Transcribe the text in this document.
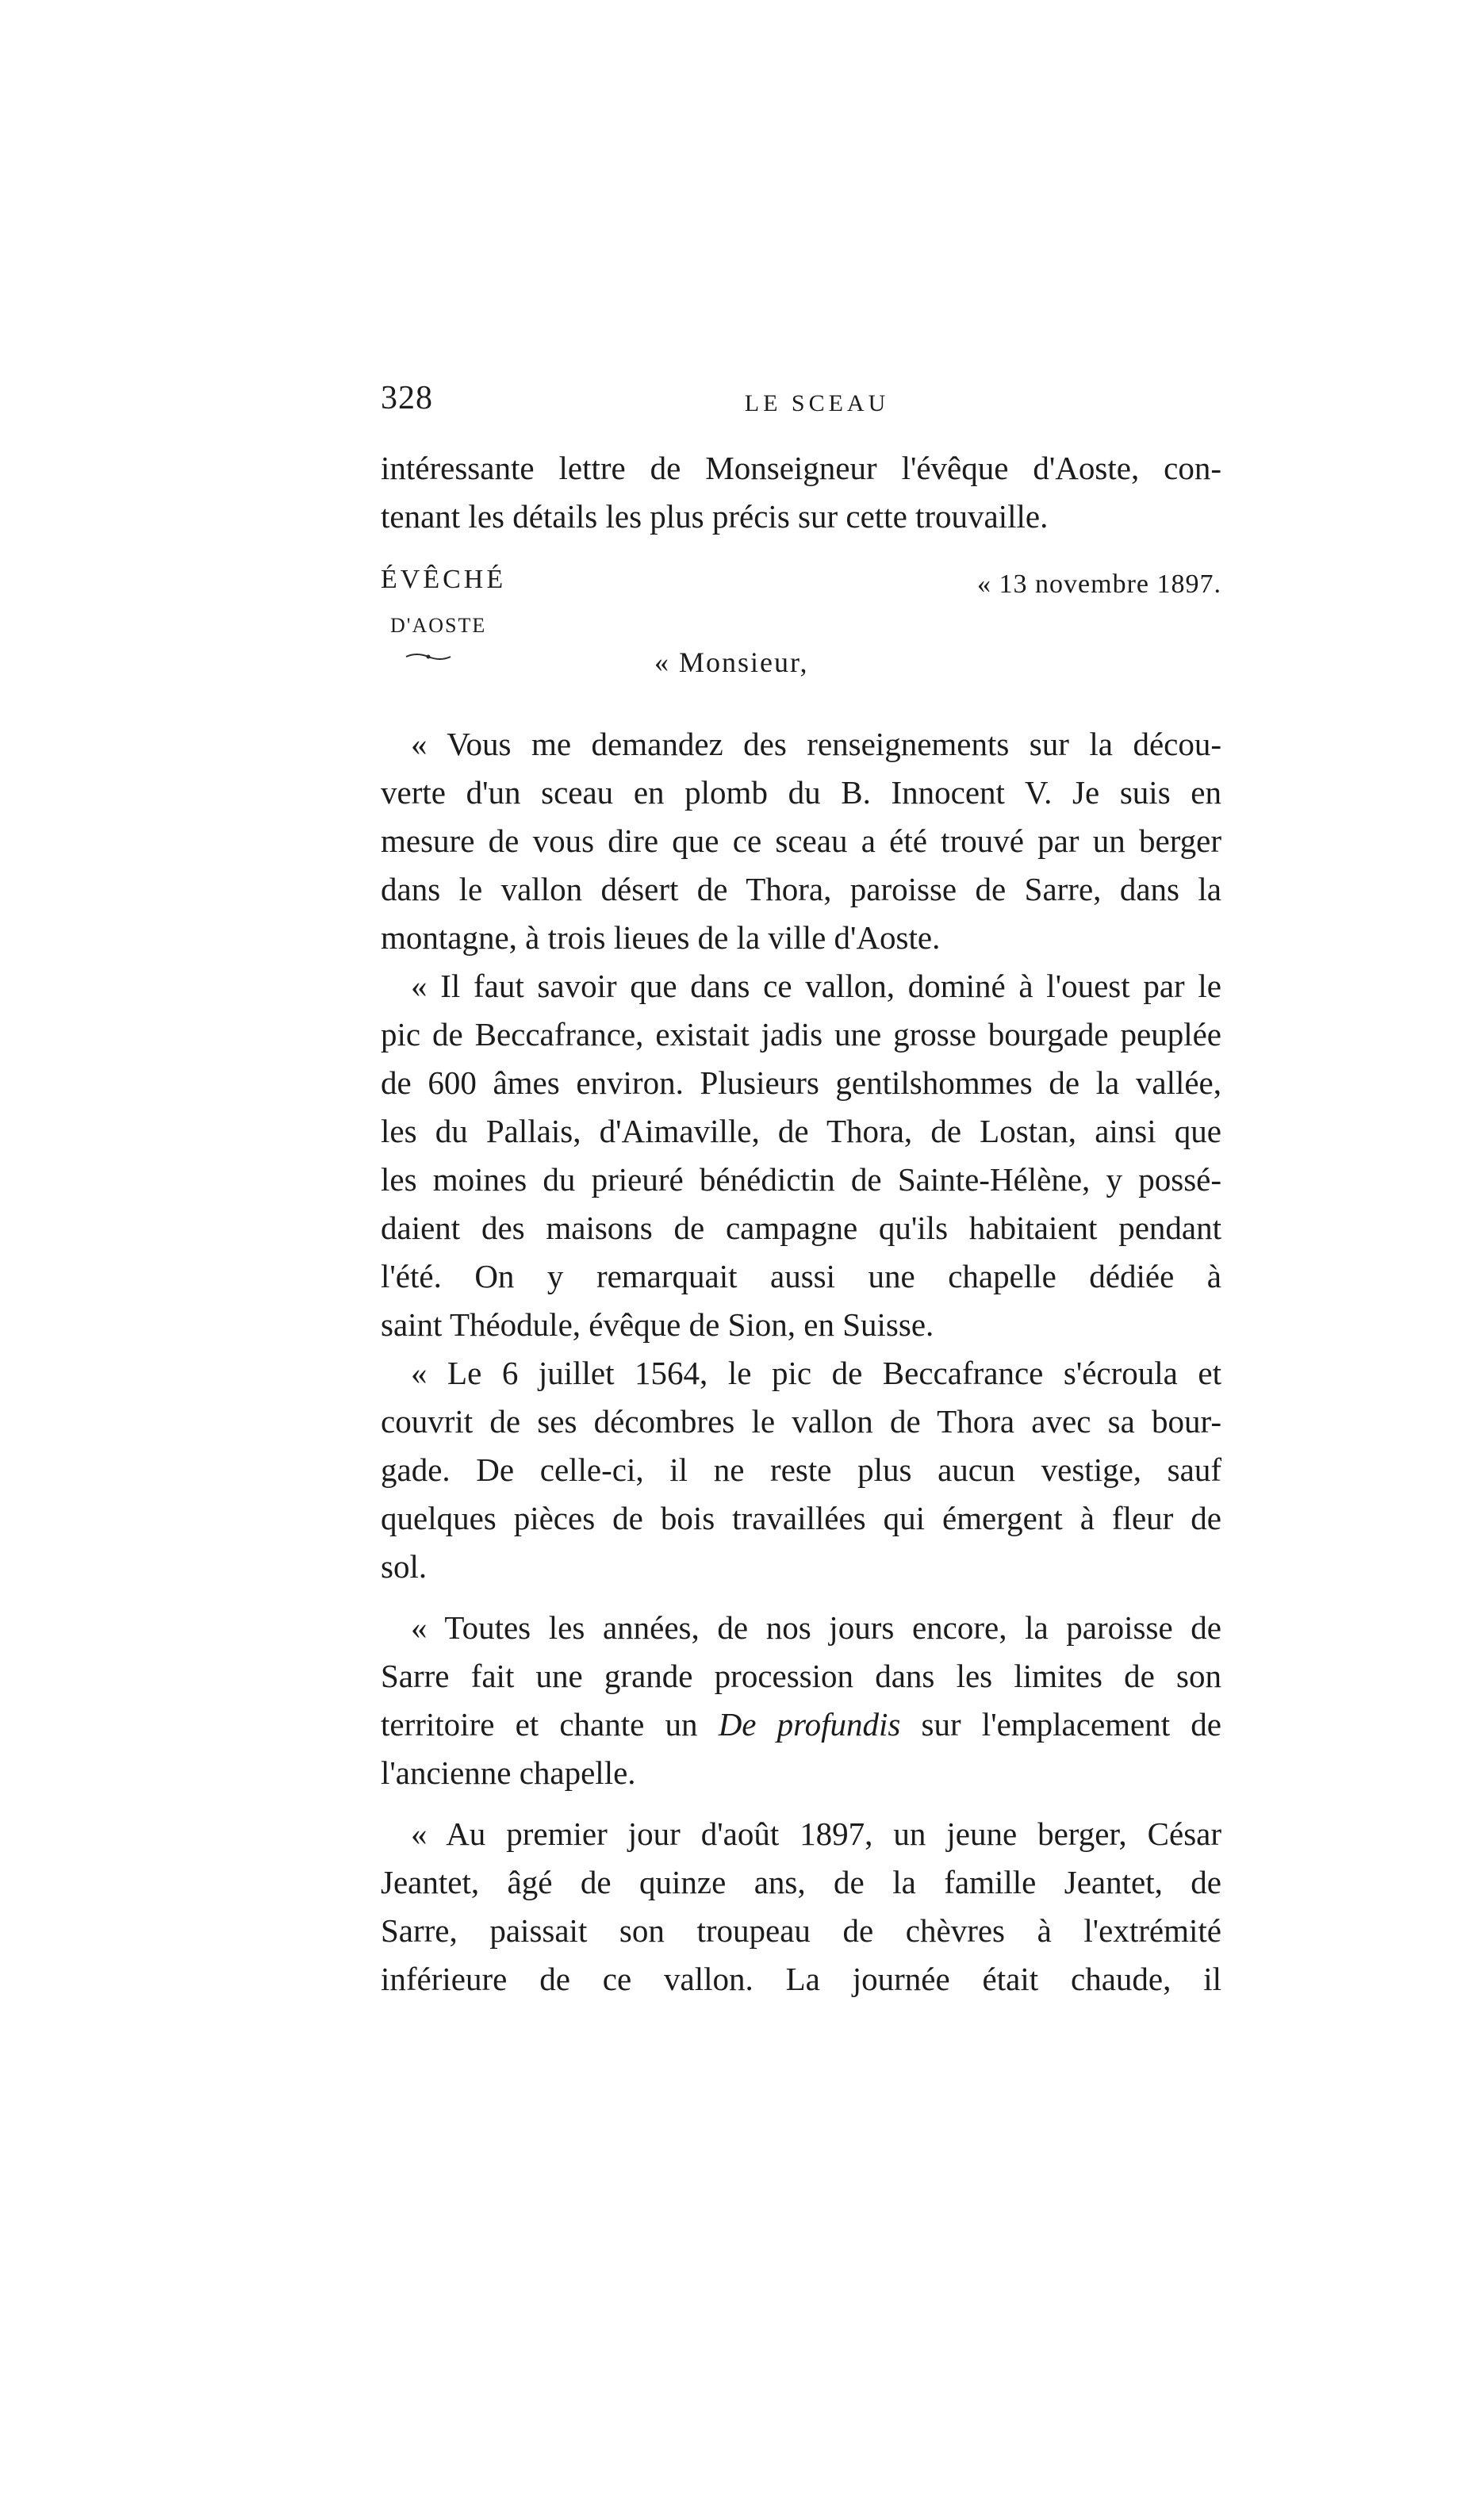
328	LE SCEAU
intéressante lettre de Monseigneur l'évêque d'Aoste, con-
tenant les détails les plus précis sur cette trouvaille.
ÉVÊCHÉ
D'AOSTE
« 13 novembre 1897.
« Monsieur,
« Vous me demandez des renseignements sur la décou-
verte d'un sceau en plomb du B. Innocent V. Je suis en
mesure de vous dire que ce sceau a été trouvé par un berger
dans le vallon désert de Thora, paroisse de Sarre, dans la
montagne, à trois lieues de la ville d'Aoste.
« Il faut savoir que dans ce vallon, dominé à l'ouest par le
pic de Beccafrance, existait jadis une grosse bourgade peuplée
de 600 âmes environ. Plusieurs gentilshommes de la vallée,
les du Pallais, d'Aimaville, de Thora, de Lostan, ainsi que
les moines du prieuré bénédictin de Sainte-Hélène, y possé-
daient des maisons de campagne qu'ils habitaient pendant
l'été. On y remarquait aussi une chapelle dédiée à
saint Théodule, évêque de Sion, en Suisse.
« Le 6 juillet 1564, le pic de Beccafrance s'écroula et
couvrit de ses décombres le vallon de Thora avec sa bour-
gade. De celle-ci, il ne reste plus aucun vestige, sauf
quelques pièces de bois travaillées qui émergent à fleur de
sol.
« Toutes les années, de nos jours encore, la paroisse de
Sarre fait une grande procession dans les limites de son
territoire et chante un De profundis sur l'emplacement de
l'ancienne chapelle.
« Au premier jour d'août 1897, un jeune berger, César
Jeantet, âgé de quinze ans, de la famille Jeantet, de
Sarre, paissait son troupeau de chèvres à l'extrémité
inférieure de ce vallon. La journée était chaude, il
